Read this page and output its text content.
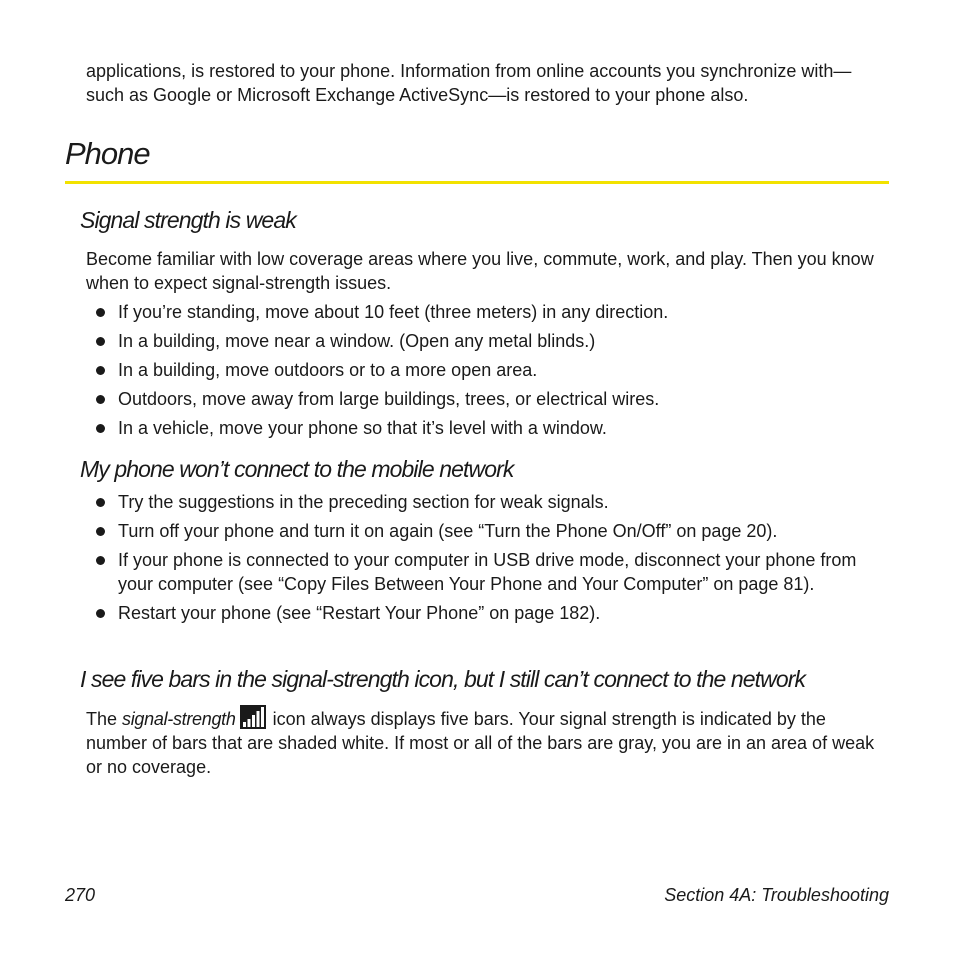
applications, is restored to your phone. Information from online accounts you synchronize with—such as Google or Microsoft Exchange ActiveSync—is restored to your phone also.

Phone
Signal strength is weak

Become familiar with low coverage areas where you live, commute, work, and play. Then you know when to expect signal-strength issues.

If you’re standing, move about 10 feet (three meters) in any direction.
In a building, move near a window. (Open any metal blinds.)
In a building, move outdoors or to a more open area.
Outdoors, move away from large buildings, trees, or electrical wires.
In a vehicle, move your phone so that it’s level with a window.
My phone won’t connect to the mobile network
Try the suggestions in the preceding section for weak signals.
Turn off your phone and turn it on again (see “Turn the Phone On/Off” on page 20).
If your phone is connected to your computer in USB drive mode, disconnect your phone from your computer (see “Copy Files Between Your Phone and Your Computer” on page 81).
Restart your phone (see “Restart Your Phone” on page 182).
I see five bars in the signal-strength icon, but I still can’t connect to the network

The signal-strength icon always displays five bars. Your signal strength is indicated by the number of bars that are shaded white. If most or all of the bars are gray, you are in an area of weak or no coverage.

270	Section 4A: Troubleshooting
